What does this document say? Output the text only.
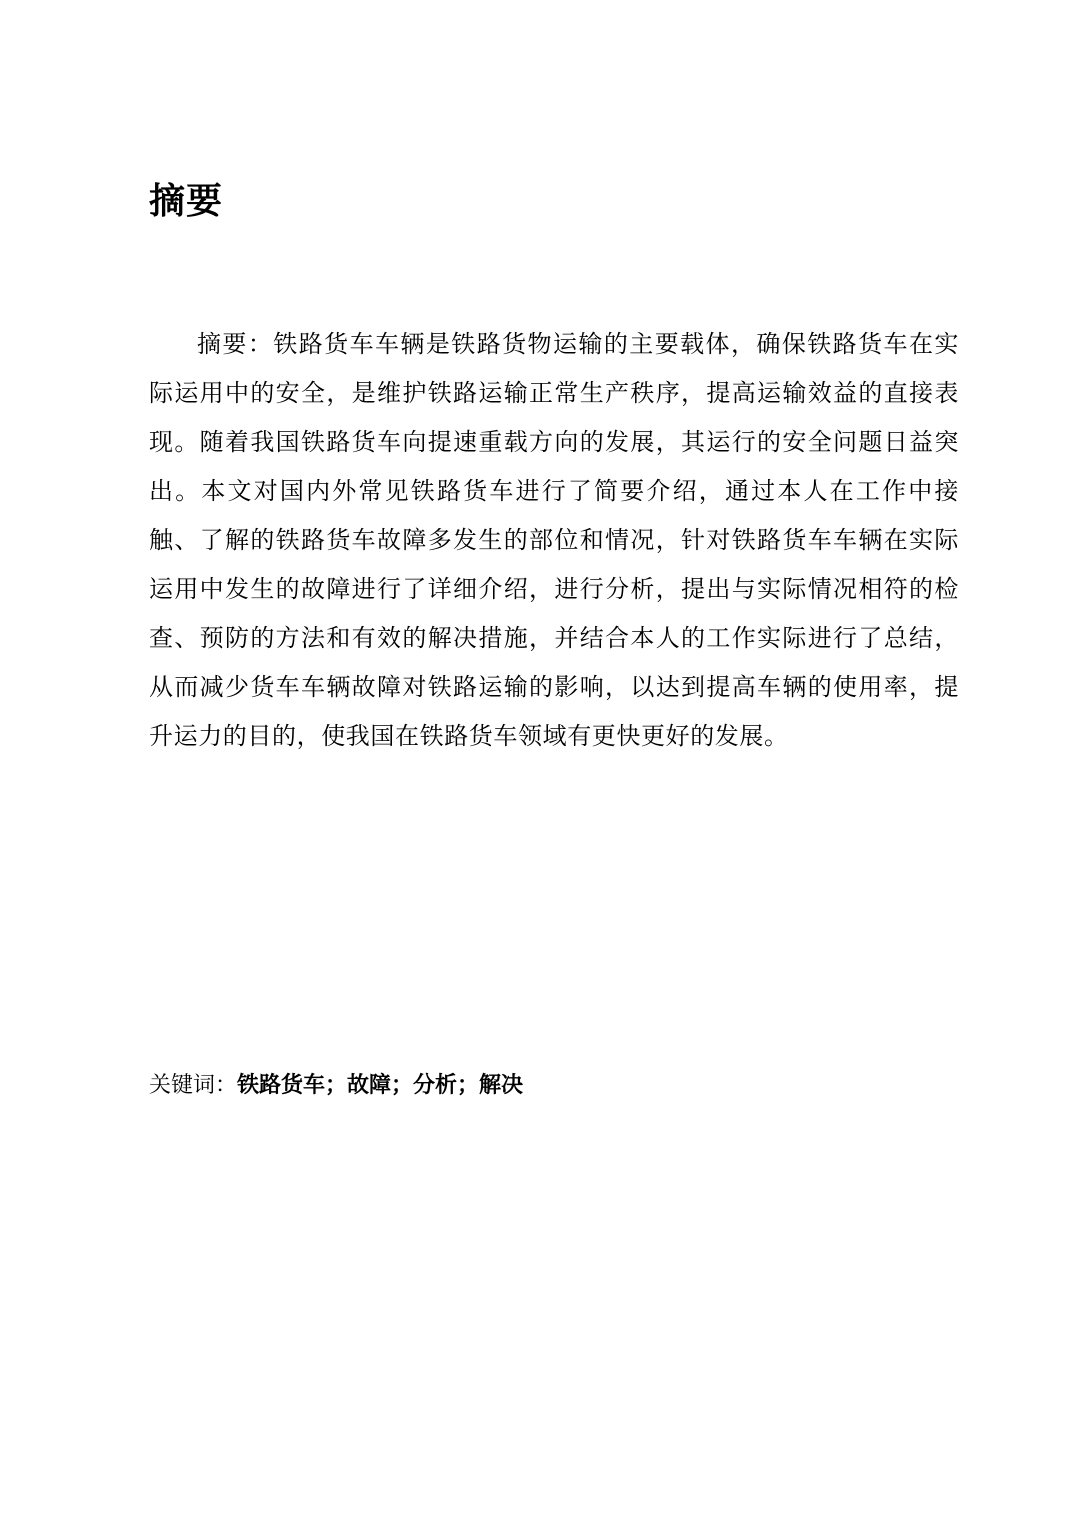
摘要

摘要：铁路货车车辆是铁路货物运输的主要载体，确保铁路货车在实际运用中的安全，是维护铁路运输正常生产秩序，提高运输效益的直接表现。随着我国铁路货车向提速重载方向的发展，其运行的安全问题日益突出。本文对国内外常见铁路货车进行了简要介绍，通过本人在工作中接触、了解的铁路货车故障多发生的部位和情况，针对铁路货车车辆在实际运用中发生的故障进行了详细介绍，进行分析，提出与实际情况相符的检查、预防的方法和有效的解决措施，并结合本人的工作实际进行了总结，从而减少货车车辆故障对铁路运输的影响，以达到提高车辆的使用率，提升运力的目的，使我国在铁路货车领域有更快更好的发展。

关键词：铁路货车；故障；分析；解决
